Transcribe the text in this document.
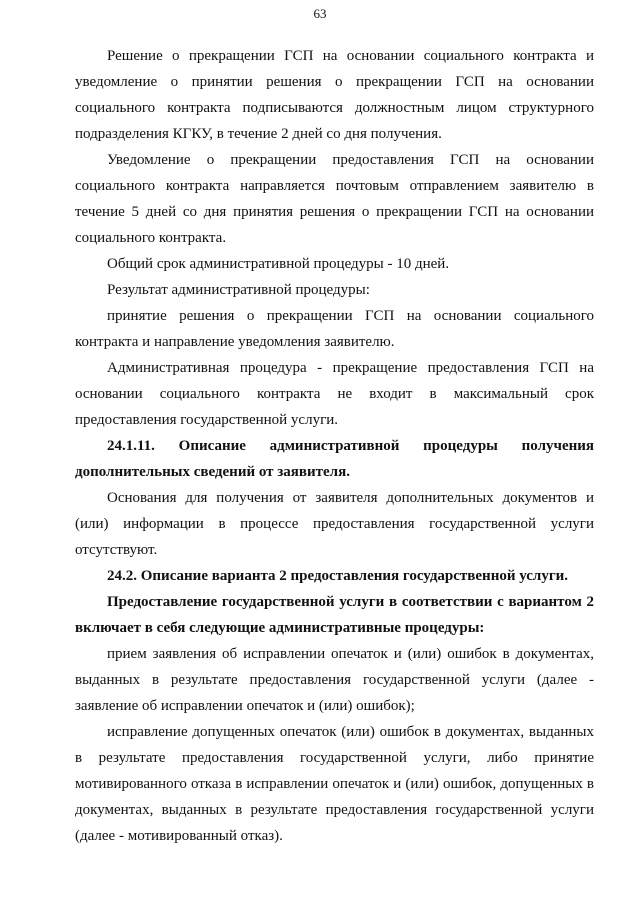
63

Решение о прекращении ГСП на основании социального контракта и уведомление о принятии решения о прекращении ГСП на основании социального контракта подписываются должностным лицом структурного подразделения КГКУ, в течение 2 дней со дня получения.

Уведомление о прекращении предоставления ГСП на основании социального контракта направляется почтовым отправлением заявителю в течение 5 дней со дня принятия решения о прекращении ГСП на основании социального контракта.

Общий срок административной процедуры - 10 дней.

Результат административной процедуры:

принятие решения о прекращении ГСП на основании социального контракта и направление уведомления заявителю.

Административная процедура - прекращение предоставления ГСП на основании социального контракта не входит в максимальный срок предоставления государственной услуги.

24.1.11. Описание административной процедуры получения дополнительных сведений от заявителя.

Основания для получения от заявителя дополнительных документов и (или) информации в процессе предоставления государственной услуги отсутствуют.

24.2. Описание варианта 2 предоставления государственной услуги.

Предоставление государственной услуги в соответствии с вариантом 2 включает в себя следующие административные процедуры:

прием заявления об исправлении опечаток и (или) ошибок в документах, выданных в результате предоставления государственной услуги (далее - заявление об исправлении опечаток и (или) ошибок);

исправление допущенных опечаток (или) ошибок в документах, выданных в результате предоставления государственной услуги, либо принятие мотивированного отказа в исправлении опечаток и (или) ошибок, допущенных в документах, выданных в результате предоставления государственной услуги (далее - мотивированный отказ).
